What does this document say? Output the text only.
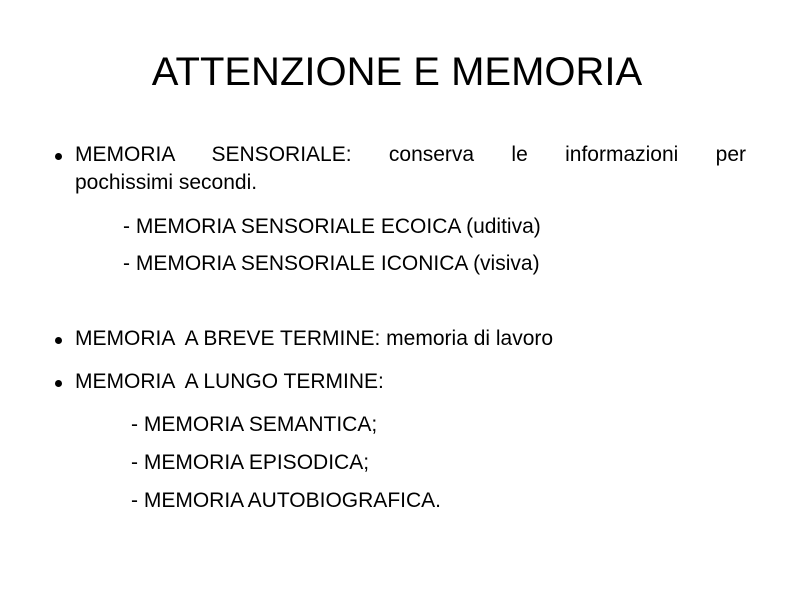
ATTENZIONE E MEMORIA
MEMORIA SENSORIALE: conserva le informazioni per
pochissimi secondi.
- MEMORIA SENSORIALE ECOICA (uditiva)
- MEMORIA SENSORIALE ICONICA (visiva)
MEMORIA  A BREVE TERMINE: memoria di lavoro
MEMORIA  A LUNGO TERMINE:
- MEMORIA SEMANTICA;
- MEMORIA EPISODICA;
- MEMORIA AUTOBIOGRAFICA.
